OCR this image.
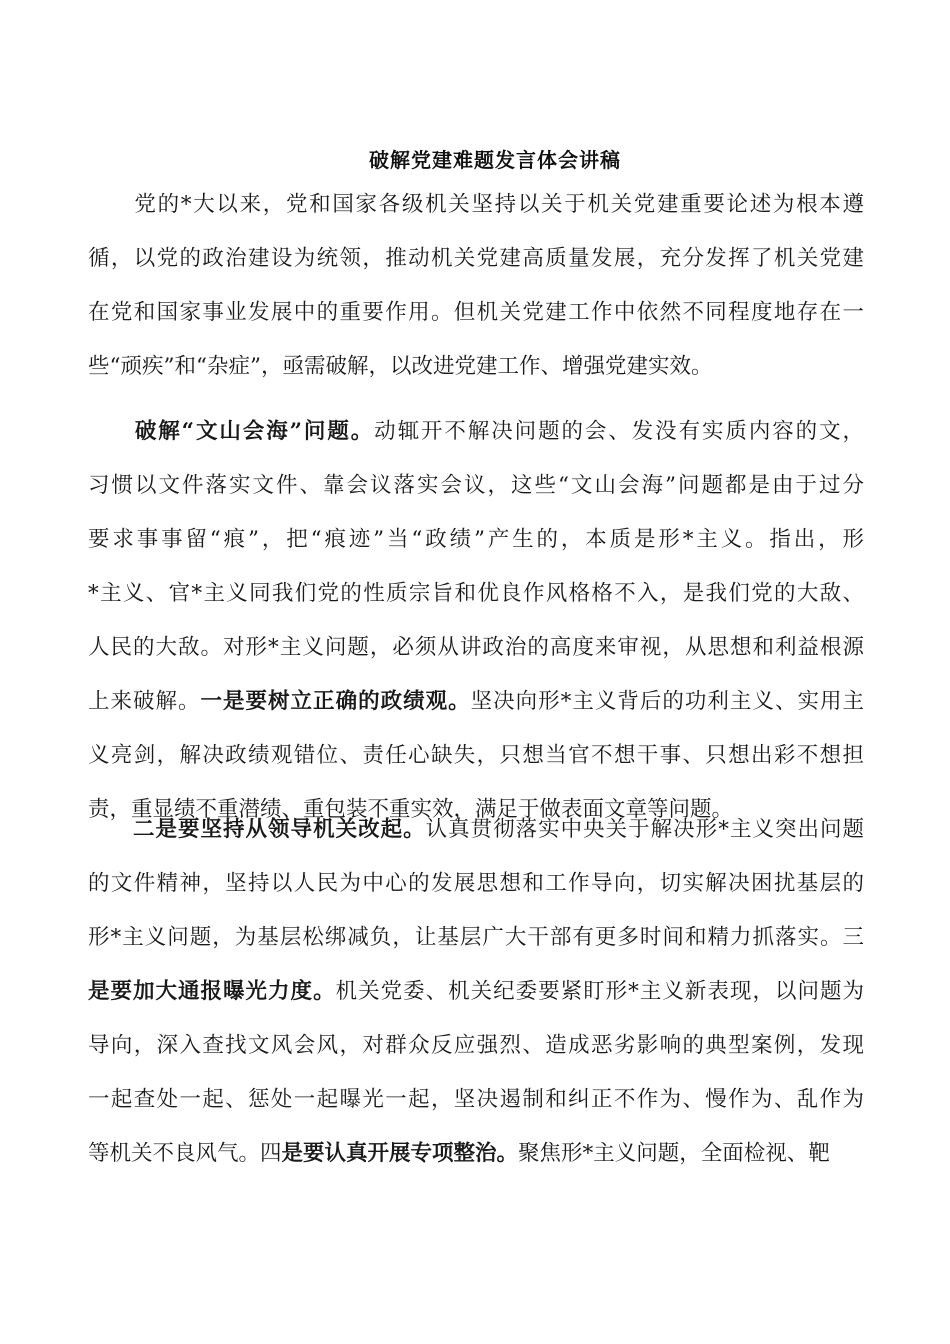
破解党建难题发言体会讲稿
　　党的*大以来，党和国家各级机关坚持以关于机关党建重要论述为根本遵
循，以党的政治建设为统领，推动机关党建高质量发展，充分发挥了机关党建
在党和国家事业发展中的重要作用。但机关党建工作中依然不同程度地存在一
些“顽疾”和“杂症”，亟需破解，以改进党建工作、增强党建实效。
　　破解“文山会海”问题。动辄开不解决问题的会、发没有实质内容的文，
习惯以文件落实文件、靠会议落实会议，这些“文山会海”问题都是由于过分
要求事事留“痕”，把“痕迹”当“政绩”产生的，本质是形*主义。指出，形
*主义、官*主义同我们党的性质宗旨和优良作风格格不入，是我们党的大敌、
人民的大敌。对形*主义问题，必须从讲政治的高度来审视，从思想和利益根源
上来破解。一是要树立正确的政绩观。坚决向形*主义背后的功利主义、实用主
义亮剑，解决政绩观错位、责任心缺失，只想当官不想干事、只想出彩不想担
责，重显绩不重潜绩、重包装不重实效，满足于做表面文章等问题。
　　二是要坚持从领导机关改起。认真贯彻落实中央关于解决形*主义突出问题
的文件精神，坚持以人民为中心的发展思想和工作导向，切实解决困扰基层的
形*主义问题，为基层松绑减负，让基层广大干部有更多时间和精力抓落实。三
是要加大通报曝光力度。机关党委、机关纪委要紧盯形*主义新表现，以问题为
导向，深入查找文风会风，对群众反应强烈、造成恶劣影响的典型案例，发现
一起查处一起、惩处一起曝光一起，坚决遏制和纠正不作为、慢作为、乱作为
等机关不良风气。四是要认真开展专项整治。聚焦形*主义问题，全面检视、靶
